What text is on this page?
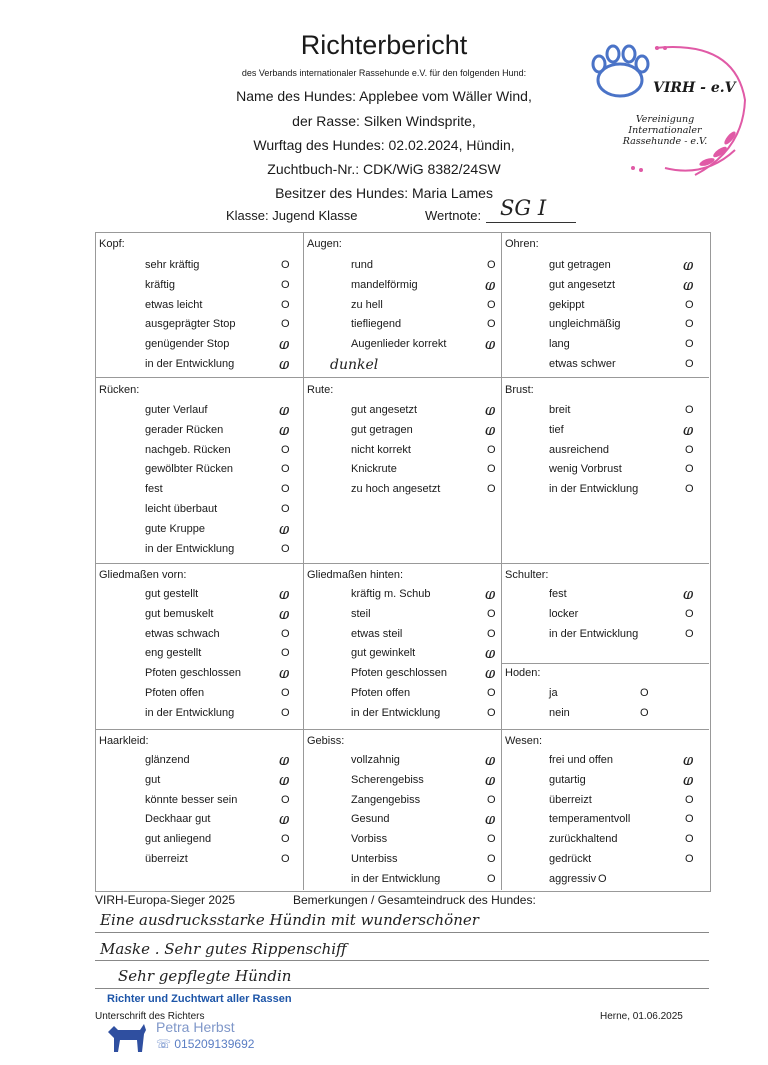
Richterbericht
des Verbands internationaler Rassehunde e.V. für den folgenden Hund:
Name des Hundes: Applebee vom Wäller Wind,
der Rasse: Silken Windsprite,
Wurftag des Hundes: 02.02.2024, Hündin,
Zuchtbuch-Nr.: CDK/WiG 8382/24SW
Besitzer des Hundes: Maria Lames
Klasse: Jugend Klasse	Wertnote: SG I
VIRH - e.V
Vereinigung
Internationaler
Rassehunde - e.V.
Kopf:
sehr kräftig	O
kräftig	O
etwas leicht	O
ausgeprägter Stop	O
genügender Stop	ⱷ
in der Entwicklung	ⱷ
Augen:
rund	O
mandelförmig	ⱷ
zu hell	O
tiefliegend	O
Augenlieder korrekt	ⱷ
Ohren:
gut getragen	ⱷ
gut angesetzt	ⱷ
gekippt	O
ungleichmäßig	O
lang	O
etwas schwer	O
Rücken:
guter Verlauf	ⱷ
gerader Rücken	ⱷ
nachgeb. Rücken	O
gewölbter Rücken	O
fest	O
leicht überbaut	O
gute Kruppe	ⱷ
in der Entwicklung	O
Rute:
gut angesetzt	ⱷ
gut getragen	ⱷ
nicht korrekt	O
Knickrute	O
zu hoch angesetzt	O
Brust:
breit	O
tief	ⱷ
ausreichend	O
wenig Vorbrust	O
in der Entwicklung	O
Gliedmaßen vorn:
gut gestellt	ⱷ
gut bemuskelt	ⱷ
etwas schwach	O
eng gestellt	O
Pfoten geschlossen	ⱷ
Pfoten offen	O
in der Entwicklung	O
Gliedmaßen hinten:
kräftig m. Schub	ⱷ
steil	O
etwas steil	O
gut gewinkelt	ⱷ
Pfoten geschlossen	ⱷ
Pfoten offen	O
in der Entwicklung	O
Schulter:
fest	ⱷ
locker	O
in der Entwicklung	O
Hoden:
ja	O
nein	O
Haarkleid:
glänzend	ⱷ
gut	ⱷ
könnte besser sein	O
Deckhaar gut	ⱷ
gut anliegend	O
überreizt	O
Gebiss:
vollzahnig	ⱷ
Scherengebiss	ⱷ
Zangengebiss	O
Gesund	ⱷ
Vorbiss	O
Unterbiss	O
in der Entwicklung	O
Wesen:
frei und offen	ⱷ
gutartig	ⱷ
überreizt	O
temperamentvoll	O
zurückhaltend	O
gedrückt	O
aggressiv O
dunkel
VIRH-Europa-Sieger 2025	Bemerkungen / Gesamteindruck des Hundes:
Eine ausdrucksstarke Hündin mit wunderschöner
Maske . Sehr gutes Rippenschiff
Sehr gepflegte Hündin
Richter und Zuchtwart aller Rassen
Unterschrift des Richters	Herne, 01.06.2025
Petra Herbst
☏ 015209139692
